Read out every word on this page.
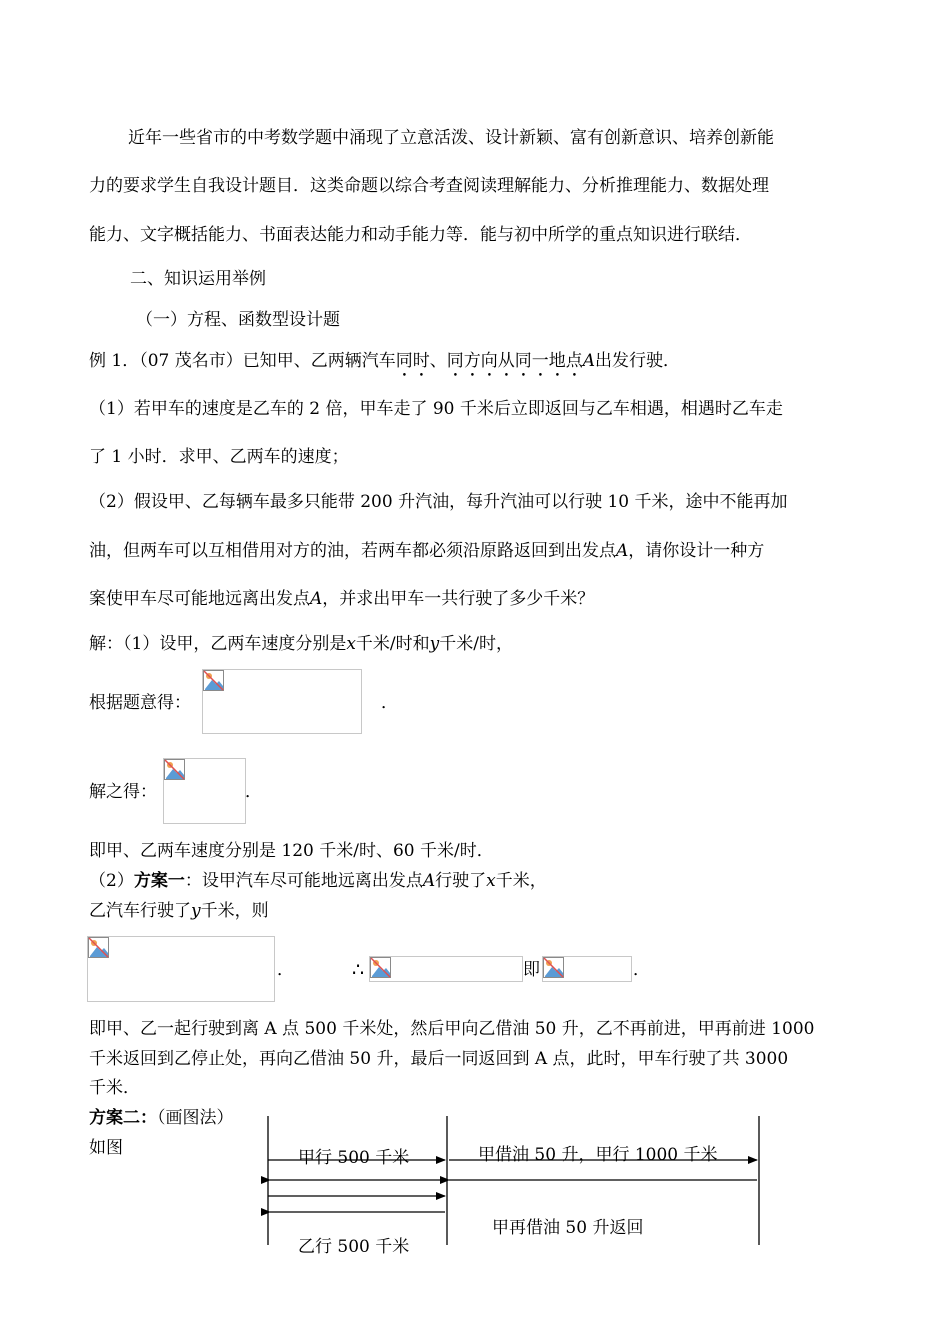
近年一些省市的中考数学题中涌现了立意活泼、设计新颖、富有创新意识、培养创新能
力的要求学生自我设计题目．这类命题以综合考查阅读理解能力、分析推理能力、数据处理
能力、文字概括能力、书面表达能力和动手能力等．能与初中所学的重点知识进行联结．
二、知识运用举例
（一）方程、函数型设计题
例 1．（07 茂名市）已知甲、乙两辆汽车同时、同方向从同一地点A出发行驶．
（1）若甲车的速度是乙车的 2 倍，甲车走了 90 千米后立即返回与乙车相遇，相遇时乙车走
了 1 小时．求甲、乙两车的速度；
（2）假设甲、乙每辆车最多只能带 200 升汽油，每升汽油可以行驶 10 千米，途中不能再加
油，但两车可以互相借用对方的油，若两车都必须沿原路返回到出发点A，请你设计一种方
案使甲车尽可能地远离出发点A，并求出甲车一共行驶了多少千米？
解：（1）设甲，乙两车速度分别是x千米/时和y千米/时，
根据题意得：	．
解之得：	．
即甲、乙两车速度分别是 120 千米/时、60 千米/时．
（2）方案一：设甲汽车尽可能地远离出发点A行驶了x千米，
乙汽车行驶了y千米，则
．	∴	即	．
即甲、乙一起行驶到离 A 点 500 千米处，然后甲向乙借油 50 升，乙不再前进，甲再前进 1000
千米返回到乙停止处，再向乙借油 50 升，最后一同返回到 A 点，此时，甲车行驶了共 3000
千米．
方案二：（画图法）
如图	甲行 500 千米	甲借油 50 升，甲行 1000 千米
甲再借油 50 升返回
乙行 500 千米
